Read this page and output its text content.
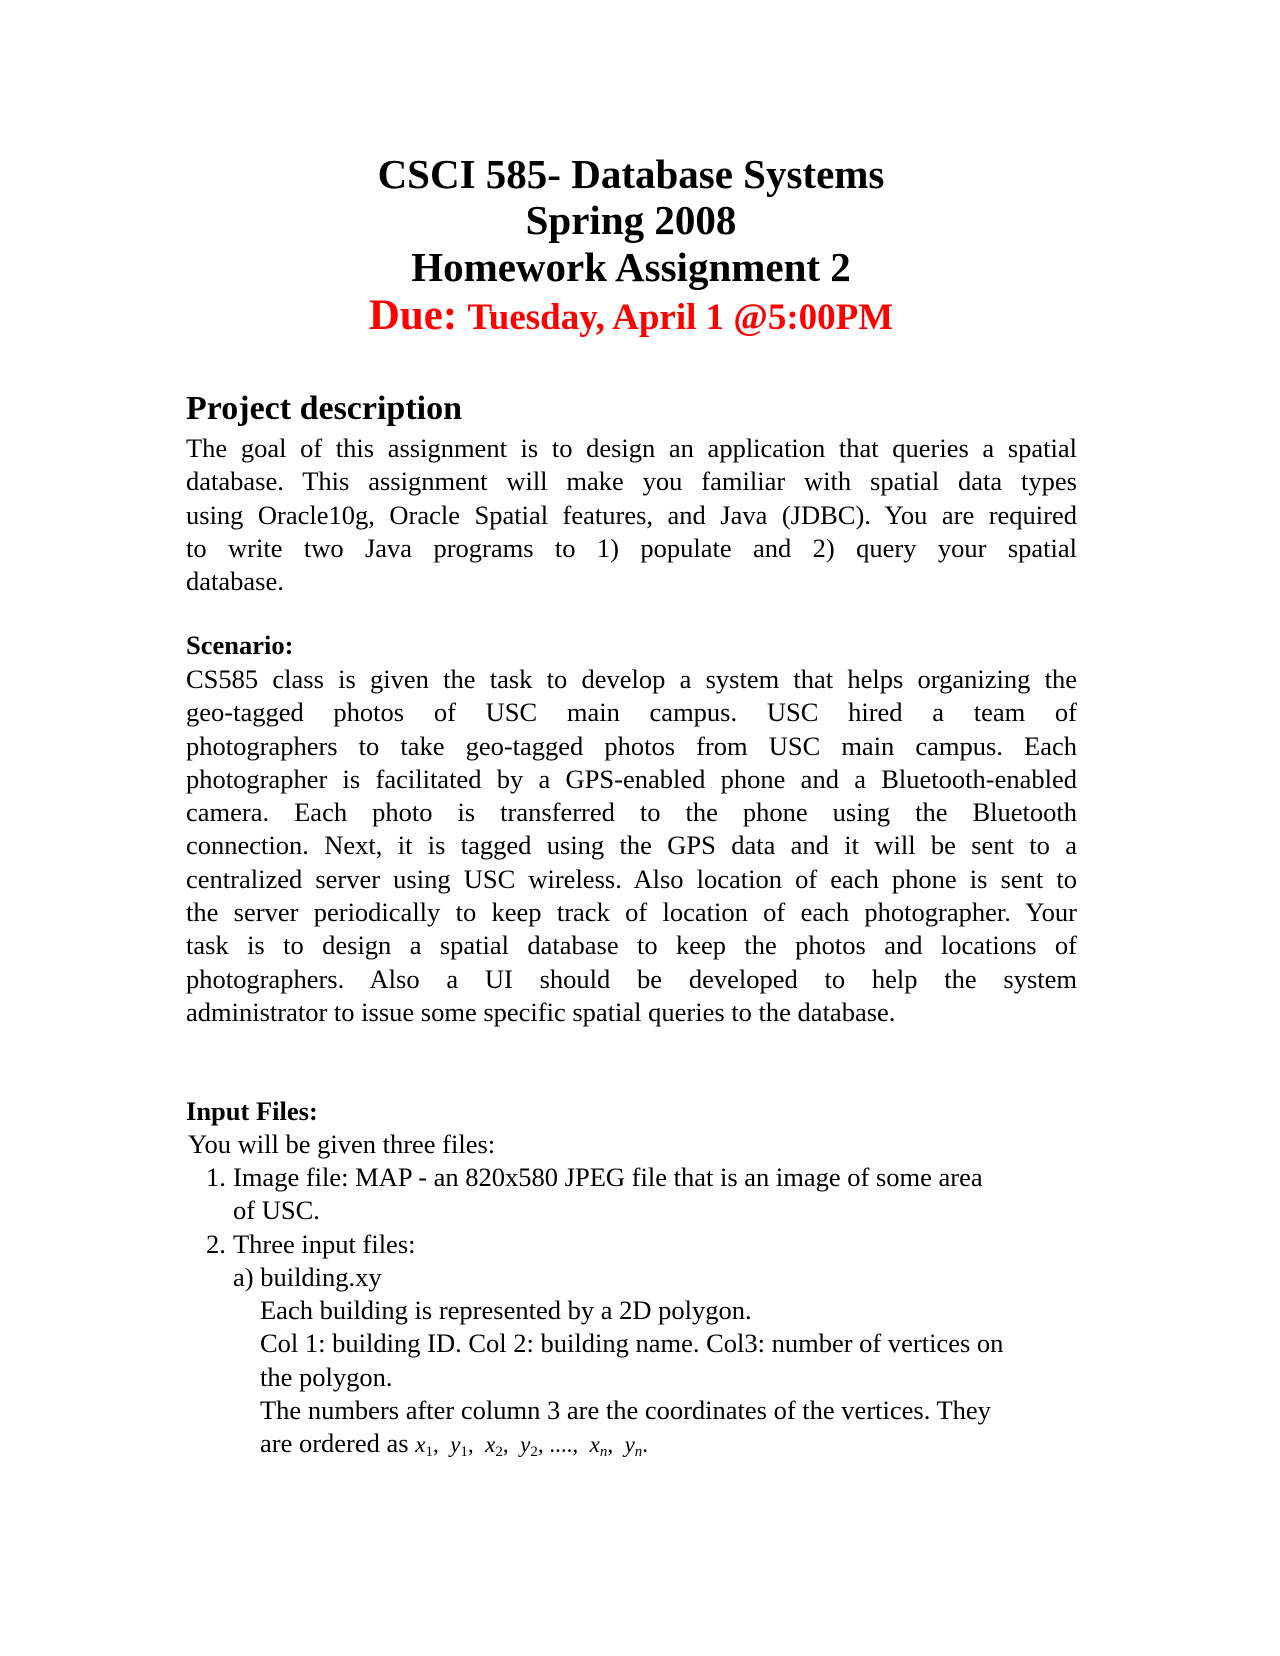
CSCI 585- Database Systems
Spring 2008
Homework Assignment 2
Due: Tuesday, April 1 @5:00PM
Project description
The goal of this assignment is to design an application that queries a spatial
database. This assignment will make you familiar with spatial data types
using Oracle10g, Oracle Spatial features, and Java (JDBC). You are required
to write two Java programs to 1) populate and 2) query your spatial
database.
Scenario:
CS585 class is given the task to develop a system that helps organizing the
geo-tagged photos of USC main campus. USC hired a team of
photographers to take geo-tagged photos from USC main campus. Each
photographer is facilitated by a GPS-enabled phone and a Bluetooth-enabled
camera. Each photo is transferred to the phone using the Bluetooth
connection. Next, it is tagged using the GPS data and it will be sent to a
centralized server using USC wireless. Also location of each phone is sent to
the server periodically to keep track of location of each photographer. Your
task is to design a spatial database to keep the photos and locations of
photographers. Also a UI should be developed to help the system
administrator to issue some specific spatial queries to the database.
Input Files:
You will be given three files:
1. Image file: MAP - an 820x580 JPEG file that is an image of some area
of USC.
2. Three input files:
a) building.xy
Each building is represented by a 2D polygon.
Col 1: building ID. Col 2: building name. Col3: number of vertices on
the polygon.
The numbers after column 3 are the coordinates of the vertices. They
are ordered as $x_1$,  $y_1$,  $x_2$,  $y_2$, ...., $x_n$,  $y_n$.
